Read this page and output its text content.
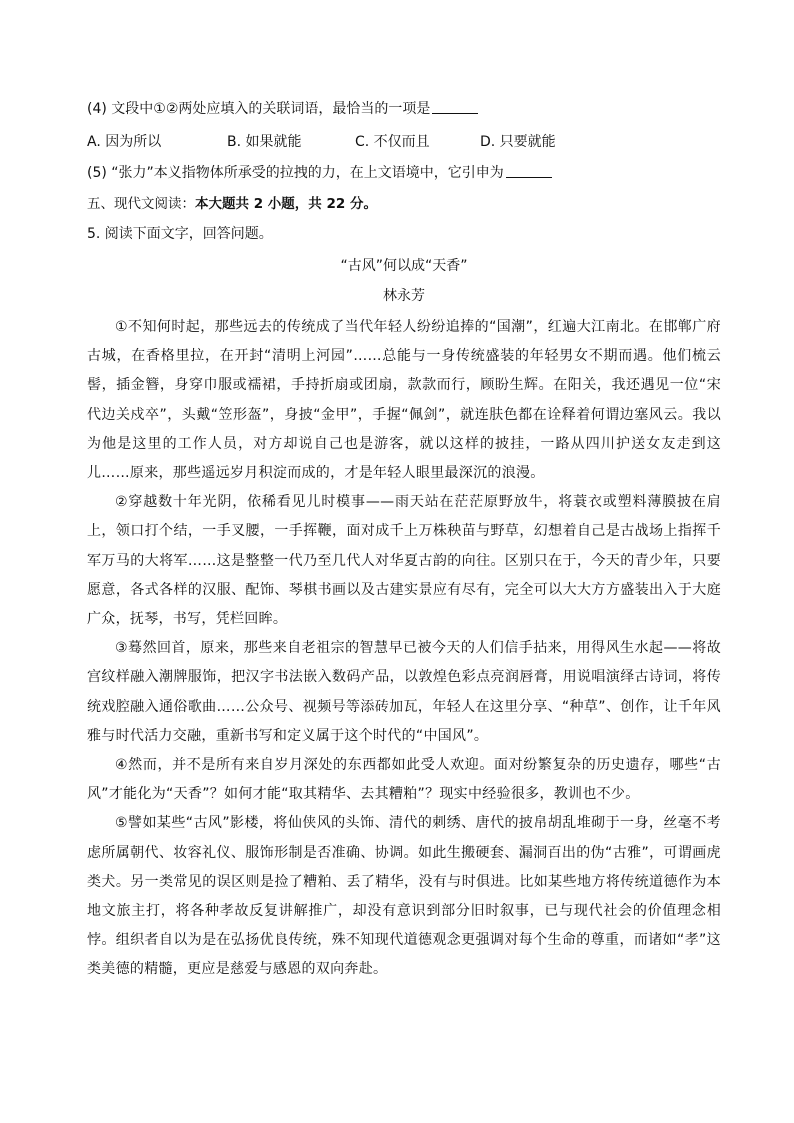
(4) 文段中①②两处应填入的关联词语，最恰当的一项是
A. 因为所以	B. 如果就能	C. 不仅而且	D. 只要就能
(5) “张力”本义指物体所承受的拉拽的力，在上文语境中，它引申为
五、现代文阅读：本大题共 2 小题，共 22 分。
5. 阅读下面文字，回答问题。
“古风”何以成“天香”
林永芳

①不知何时起，那些远去的传统成了当代年轻人纷纷追捧的“国潮”，红遍大江南北。在邯郸广府古城，在香格里拉，在开封“清明上河园”……总能与一身传统盛装的年轻男女不期而遇。他们梳云髻，插金簪，身穿巾服或襦裙，手持折扇或团扇，款款而行，顾盼生辉。在阳关，我还遇见一位“宋代边关戍卒”，头戴“笠形盔”，身披“金甲”，手握“佩剑”，就连肤色都在诠释着何谓边塞风云。我以为他是这里的工作人员，对方却说自己也是游客，就以这样的披挂，一路从四川护送女友走到这儿……原来，那些遥远岁月积淀而成的，才是年轻人眼里最深沉的浪漫。

②穿越数十年光阴，依稀看见儿时模事——雨天站在茫茫原野放牛，将蓑衣或塑料薄膜披在肩上，领口打个结，一手叉腰，一手挥鞭，面对成千上万株秧苗与野草，幻想着自己是古战场上指挥千军万马的大将军……这是整整一代乃至几代人对华夏古韵的向往。区别只在于，今天的青少年，只要愿意，各式各样的汉服、配饰、琴棋书画以及古建实景应有尽有，完全可以大大方方盛装出入于大庭广众，抚琴，书写，凭栏回眸。

③蓦然回首，原来，那些来自老祖宗的智慧早已被今天的人们信手拈来，用得风生水起——将故宫纹样融入潮牌服饰，把汉字书法嵌入数码产品，以敦煌色彩点亮润唇膏，用说唱演绎古诗词，将传统戏腔融入通俗歌曲……公众号、视频号等添砖加瓦，年轻人在这里分享、“种草”、创作，让千年风雅与时代活力交融，重新书写和定义属于这个时代的“中国风”。

④然而，并不是所有来自岁月深处的东西都如此受人欢迎。面对纷繁复杂的历史遗存，哪些“古风”才能化为“天香”？如何才能“取其精华、去其糟粕”？现实中经验很多，教训也不少。

⑤譬如某些“古风”影楼，将仙侠风的头饰、清代的刺绣、唐代的披帛胡乱堆砌于一身，丝毫不考虑所属朝代、妆容礼仪、服饰形制是否准确、协调。如此生搬硬套、漏洞百出的伪“古雅”，可谓画虎类犬。另一类常见的误区则是捡了糟粕、丢了精华，没有与时俱进。比如某些地方将传统道德作为本地文旅主打，将各种孝故反复讲解推广，却没有意识到部分旧时叙事，已与现代社会的价值理念相悖。组织者自以为是在弘扬优良传统，殊不知现代道德观念更强调对每个生命的尊重，而诸如“孝”这类美德的精髓，更应是慈爱与感恩的双向奔赴。
